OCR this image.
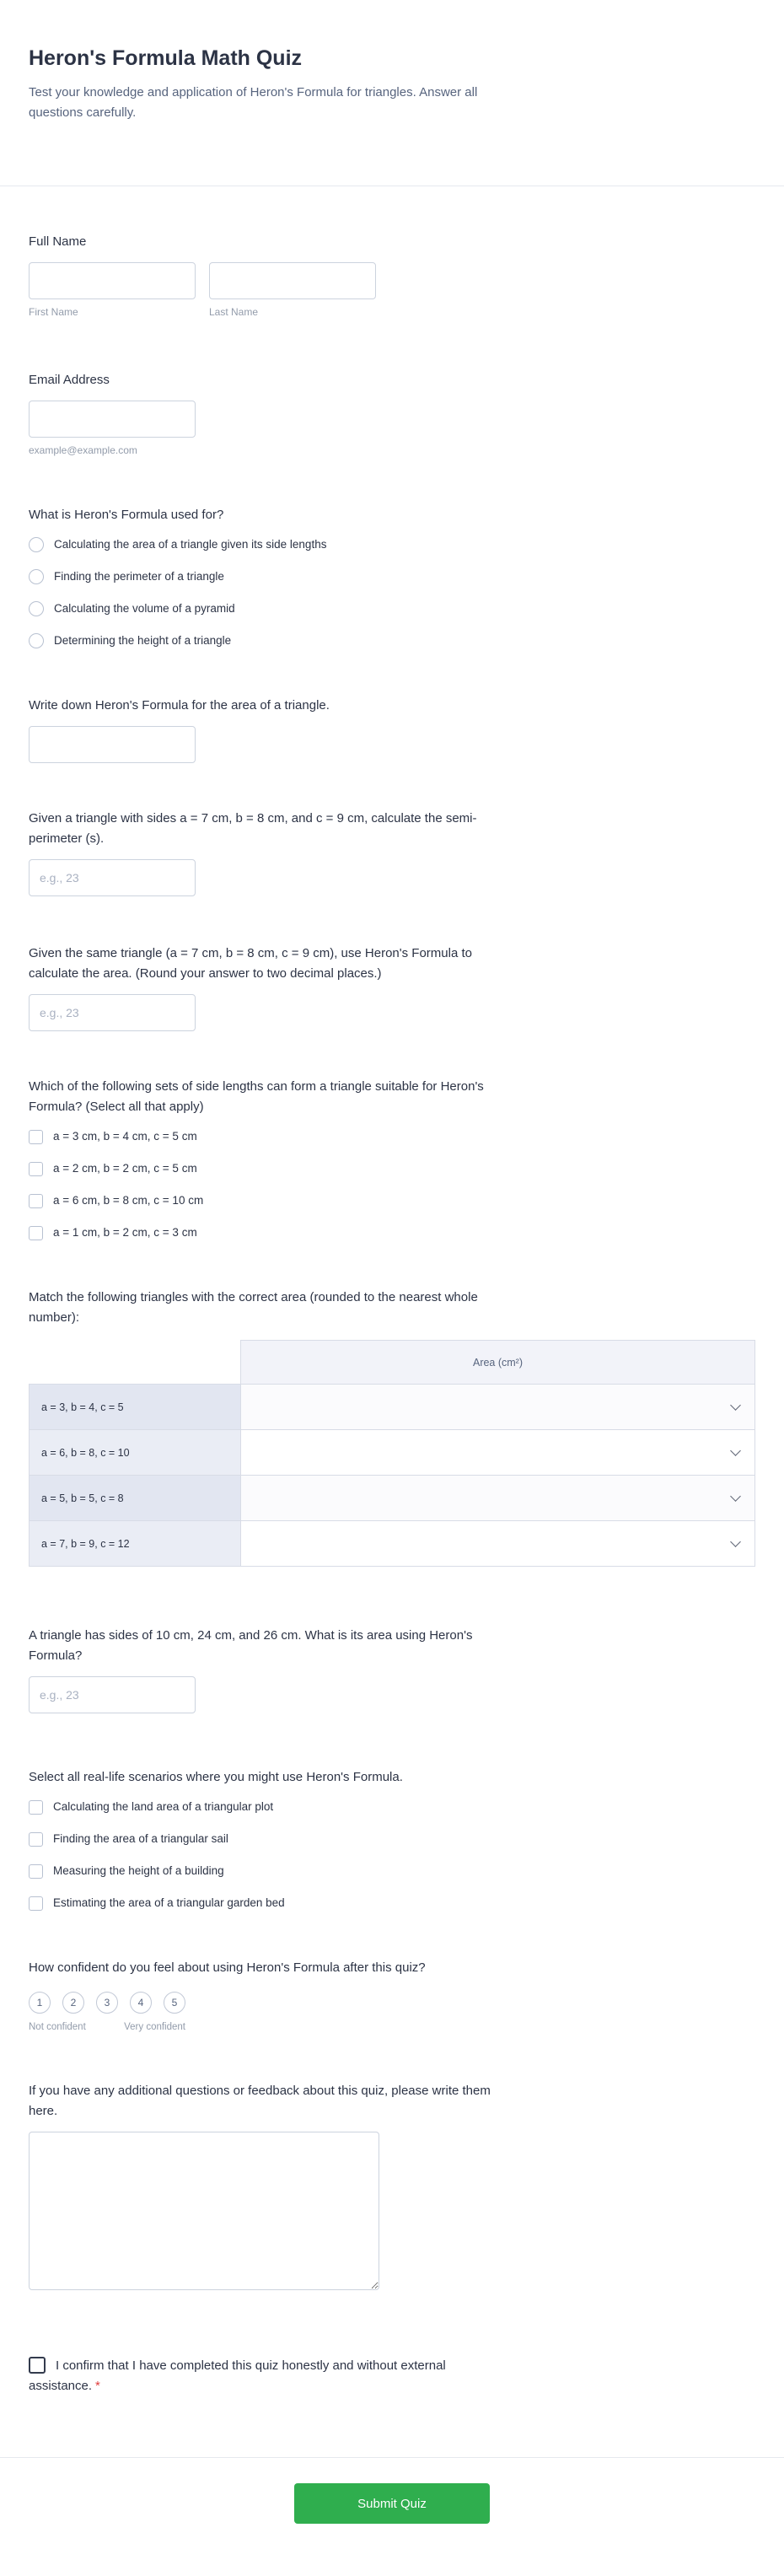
Heron's Formula Math Quiz

Test your knowledge and application of Heron's Formula for triangles. Answer all questions carefully.

Full Name
First Name	Last Name
Email Address
example@example.com
What is Heron's Formula used for?
Calculating the area of a triangle given its side lengths
Finding the perimeter of a triangle
Calculating the volume of a pyramid
Determining the height of a triangle
Write down Heron's Formula for the area of a triangle.
Given a triangle with sides a = 7 cm, b = 8 cm, and c = 9 cm, calculate the semi-perimeter (s).
e.g., 23
Given the same triangle (a = 7 cm, b = 8 cm, c = 9 cm), use Heron's Formula to calculate the area. (Round your answer to two decimal places.)
e.g., 23
Which of the following sets of side lengths can form a triangle suitable for Heron's Formula? (Select all that apply)
a = 3 cm, b = 4 cm, c = 5 cm
a = 2 cm, b = 2 cm, c = 5 cm
a = 6 cm, b = 8 cm, c = 10 cm
a = 1 cm, b = 2 cm, c = 3 cm
Match the following triangles with the correct area (rounded to the nearest whole number):
	Area (cm²)
a = 3, b = 4, c = 5	

a = 6, b = 8, c = 10	

a = 5, b = 5, c = 8	

a = 7, b = 9, c = 12	
A triangle has sides of 10 cm, 24 cm, and 26 cm. What is its area using Heron's Formula?
e.g., 23
Select all real-life scenarios where you might use Heron's Formula.
Calculating the land area of a triangular plot
Finding the area of a triangular sail
Measuring the height of a building
Estimating the area of a triangular garden bed
How confident do you feel about using Heron's Formula after this quiz?
1	2	3	4	5
Not confident	Very confident
If you have any additional questions or feedback about this quiz, please write them here.
I confirm that I have completed this quiz honestly and without external assistance. *
Submit Quiz
